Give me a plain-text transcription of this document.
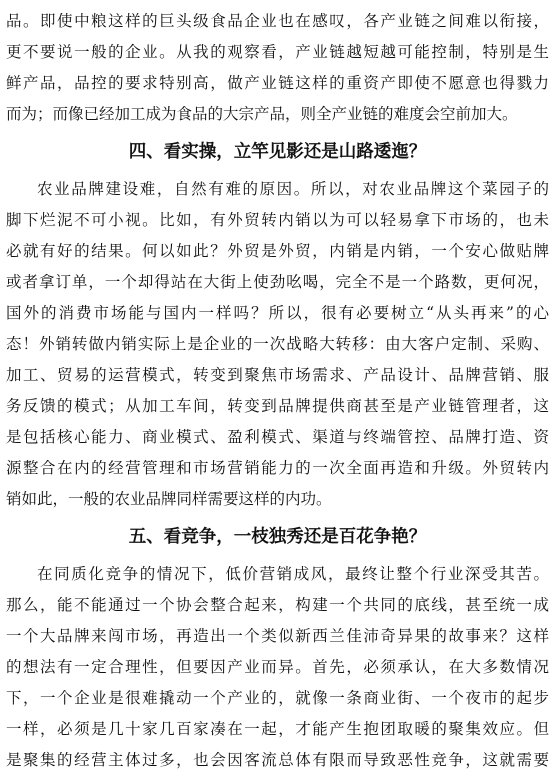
品。即使中粮这样的巨头级食品企业也在感叹，各产业链之间难以衔接，
更不要说一般的企业。从我的观察看，产业链越短越可能控制，特别是生
鲜产品，品控的要求特别高，做产业链这样的重资产即使不愿意也得戮力
而为；而像已经加工成为食品的大宗产品，则全产业链的难度会空前加大。
四、看实操，立竿见影还是山路逶迤？
农业品牌建设难，自然有难的原因。所以，对农业品牌这个菜园子的
脚下烂泥不可小视。比如，有外贸转内销以为可以轻易拿下市场的，也未
必就有好的结果。何以如此？外贸是外贸，内销是内销，一个安心做贴牌
或者拿订单，一个却得站在大街上使劲吆喝，完全不是一个路数，更何况，
国外的消费市场能与国内一样吗？所以，很有必要树立“从头再来”的心
态！外销转做内销实际上是企业的一次战略大转移：由大客户定制、采购、
加工、贸易的运营模式，转变到聚焦市场需求、产品设计、品牌营销、服
务反馈的模式；从加工车间，转变到品牌提供商甚至是产业链管理者，这
是包括核心能力、商业模式、盈利模式、渠道与终端管控、品牌打造、资
源整合在内的经营管理和市场营销能力的一次全面再造和升级。外贸转内
销如此，一般的农业品牌同样需要这样的内功。
五、看竞争，一枝独秀还是百花争艳？
在同质化竞争的情况下，低价营销成风，最终让整个行业深受其苦。
那么，能不能通过一个协会整合起来，构建一个共同的底线，甚至统一成
一个大品牌来闯市场，再造出一个类似新西兰佳沛奇异果的故事来？这样
的想法有一定合理性，但要因产业而异。首先，必须承认，在大多数情况
下，一个企业是很难撬动一个产业的，就像一条商业街、一个夜市的起步
一样，必须是几十家几百家凑在一起，才能产生抱团取暖的聚集效应。但
是聚集的经营主体过多，也会因客流总体有限而导致恶性竞争，这就需要
